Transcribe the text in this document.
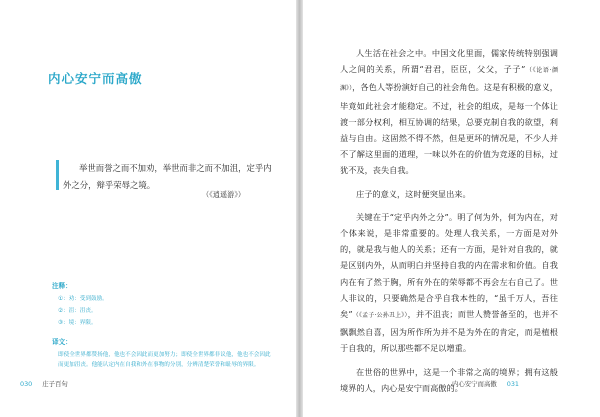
内心安宁而高傲

举世而誉之而不加劝，举世而非之而不加沮，定乎内外之分，辩乎荣辱之境。

（《逍遥游》）

注释：

①：劝：受到鼓励。

②：沮：沮丧。

③：境：界限。

译文：

即使全世界都赞扬他，他也不会因此而更加努力；即使全世界都非议他，他也不会因此而更加沮丧。他能认定内在自我和外在事物的分别，分辨清楚荣誉和耻辱的界限。

030 庄子百句

人生活在社会之中。中国文化里面，儒家传统特别强调人之间的关系，所谓“君君，臣臣，父父，子子”（《论语·颜渊》），各色人等扮演好自己的社会角色。这是有积极的意义，毕竟如此社会才能稳定。不过，社会的组成，是每一个体让渡一部分权利，相互协调的结果，总要克制自我的欲望，利益与自由。这固然不得不然，但是更坏的情况是，不少人并不了解这里面的道理，一味以外在的价值为竞逐的目标，过犹不及，丧失自我。

庄子的意义，这时便突显出来。

关键在于“定乎内外之分”。明了何为外，何为内在，对个体来说，是非常重要的。处理人我关系，一方面是对外的，就是我与他人的关系；还有一方面，是针对自我的，就是区别内外，从而明白并坚持自我的内在需求和价值。自我内在有了然于胸，所有外在的荣辱都不再会左右自己了。世人非议的，只要确然是合乎自我本性的，“虽千万人，吾往矣”（《孟子·公孙丑上》），并不沮丧；而世人赞誉备至的，也并不飘飘然自喜，因为所作所为并不是为外在的肯定，而是植根于自我的，所以那些都不足以增重。

在世俗的世界中，这是一个非常之高的境界；拥有这般境界的人，内心是安宁而高傲的。

内心安宁而高傲 031
